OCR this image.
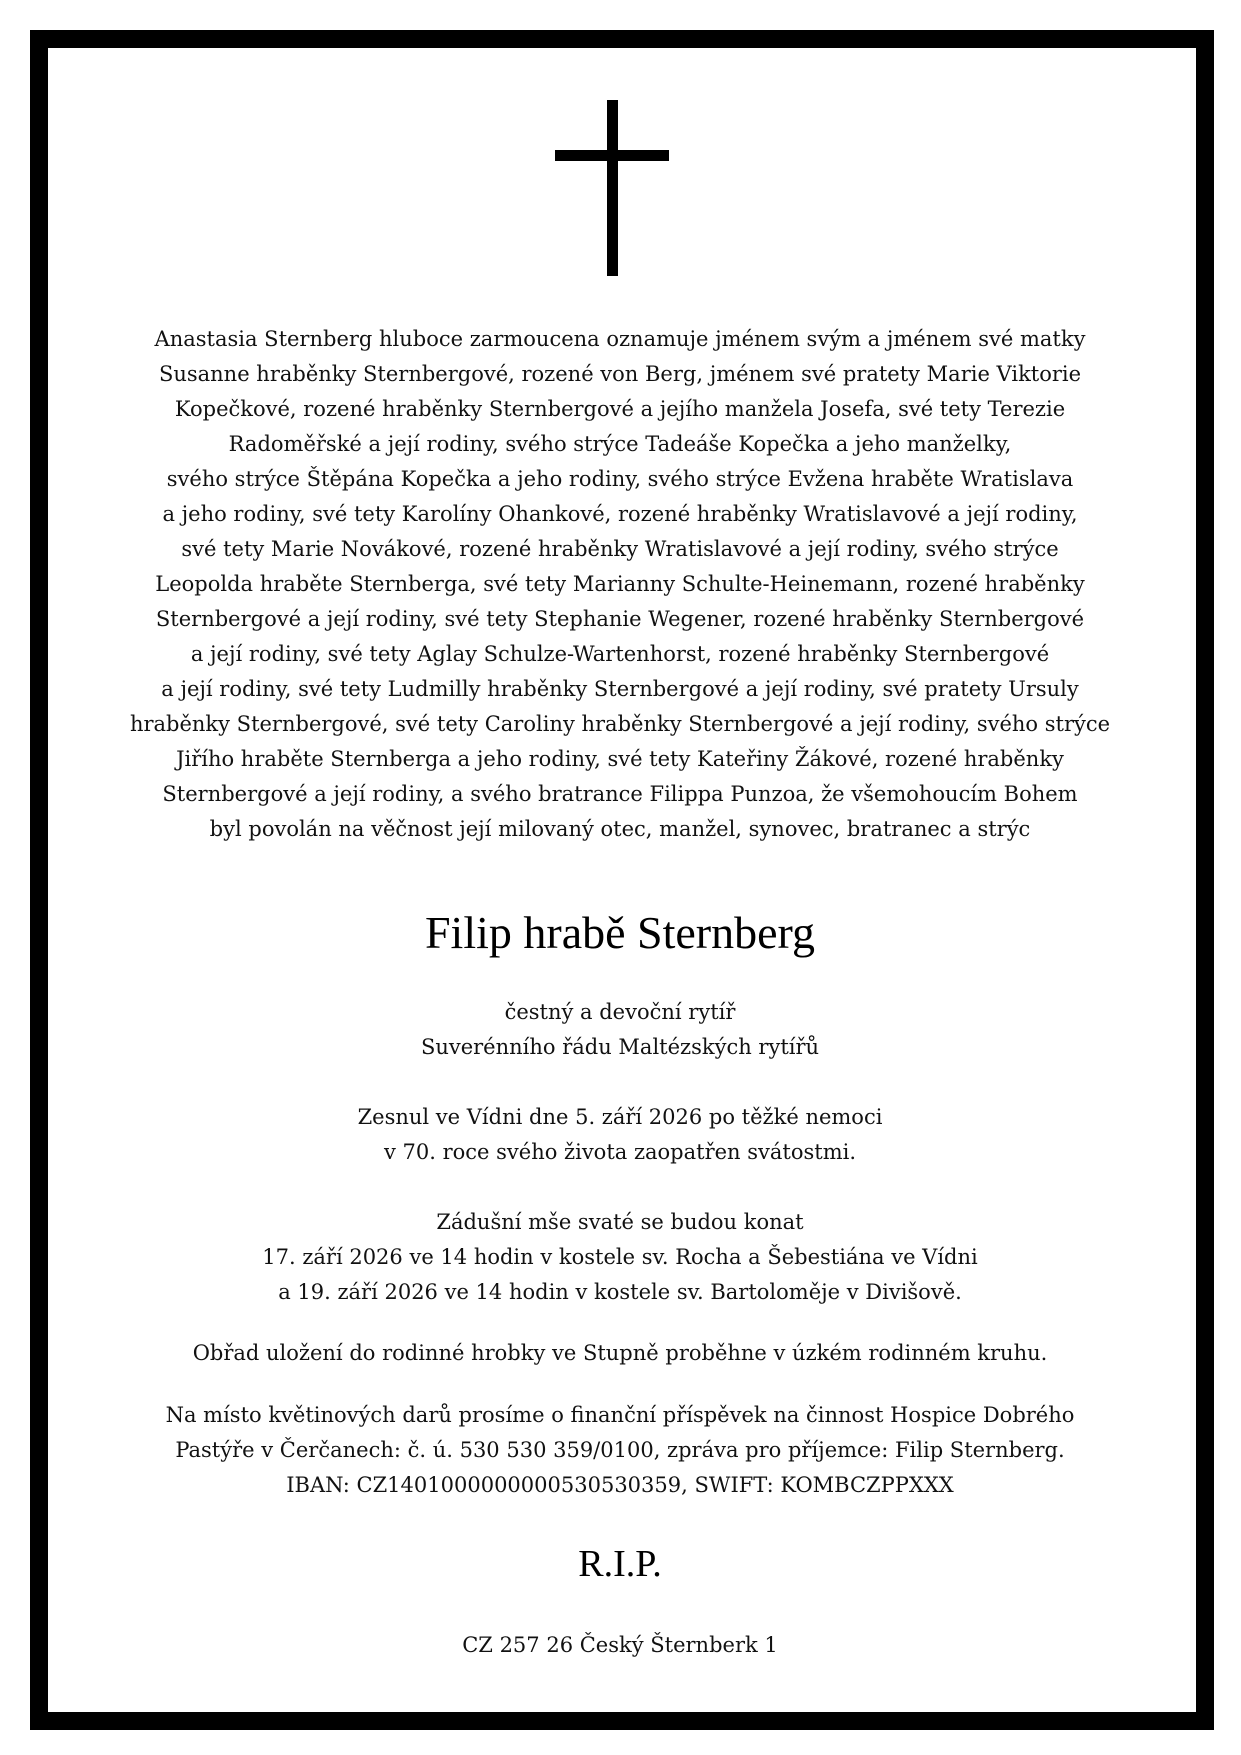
Anastasia Sternberg hluboce zarmoucena oznamuje jménem svým a jménem své matky
Susanne hraběnky Sternbergové, rozené von Berg, jménem své pratety Marie Viktorie
Kopečkové, rozené hraběnky Sternbergové a jejího manžela Josefa, své tety Terezie
Radoměřské a její rodiny, svého strýce Tadeáše Kopečka a jeho manželky,
svého strýce Štěpána Kopečka a jeho rodiny, svého strýce Evžena hraběte Wratislava
a jeho rodiny, své tety Karolíny Ohankové, rozené hraběnky Wratislavové a její rodiny,
své tety Marie Novákové, rozené hraběnky Wratislavové a její rodiny, svého strýce
Leopolda hraběte Sternberga, své tety Marianny Schulte-Heinemann, rozené hraběnky
Sternbergové a její rodiny, své tety Stephanie Wegener, rozené hraběnky Sternbergové
a její rodiny, své tety Aglay Schulze-Wartenhorst, rozené hraběnky Sternbergové
a její rodiny, své tety Ludmilly hraběnky Sternbergové a její rodiny, své pratety Ursuly
hraběnky Sternbergové, své tety Caroliny hraběnky Sternbergové a její rodiny, svého strýce
Jiřího hraběte Sternberga a jeho rodiny, své tety Kateřiny Žákové, rozené hraběnky
Sternbergové a její rodiny, a svého bratrance Filippa Punzoa, že všemohoucím Bohem
byl povolán na věčnost její milovaný otec, manžel, synovec, bratranec a strýc
Filip hrabě Sternberg
čestný a devoční rytíř
Suverénního řádu Maltézských rytířů
Zesnul ve Vídni dne 5. září 2026 po těžké nemoci
v 70. roce svého života zaopatřen svátostmi.
Zádušní mše svaté se budou konat
17. září 2026 ve 14 hodin v kostele sv. Rocha a Šebestiána ve Vídni
a 19. září 2026 ve 14 hodin v kostele sv. Bartoloměje v Divišově.
Obřad uložení do rodinné hrobky ve Stupně proběhne v úzkém rodinném kruhu.
Na místo květinových darů prosíme o finanční příspěvek na činnost Hospice Dobrého
Pastýře v Čerčanech: č. ú. 530 530 359/0100, zpráva pro příjemce: Filip Sternberg.
IBAN: CZ1401000000000530530359, SWIFT: KOMBCZPPXXX
R.I.P.
CZ 257 26 Český Šternberk 1
